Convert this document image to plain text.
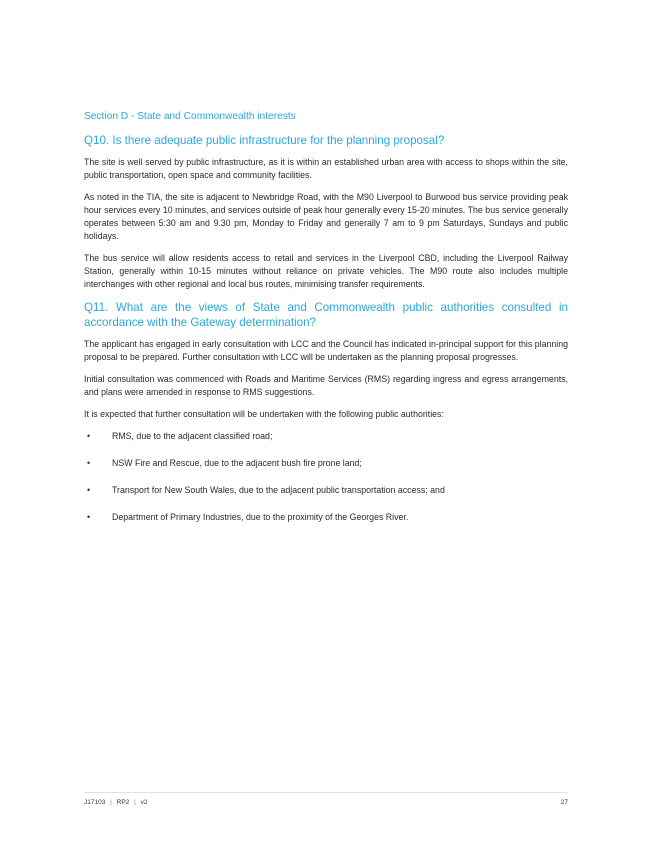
Section D - State and Commonwealth interests
Q10. Is there adequate public infrastructure for the planning proposal?

The site is well served by public infrastructure, as it is within an established urban area with access to shops within the site, public transportation, open space and community facilities.

As noted in the TIA, the site is adjacent to Newbridge Road, with the M90 Liverpool to Burwood bus service providing peak hour services every 10 minutes, and services outside of peak hour generally every 15-20 minutes. The bus service generally operates between 5:30 am and 9.30 pm, Monday to Friday and generally 7 am to 9 pm Saturdays, Sundays and public holidays.

The bus service will allow residents access to retail and services in the Liverpool CBD, including the Liverpool Railway Station, generally within 10-15 minutes without reliance on private vehicles. The M90 route also includes multiple interchanges with other regional and local bus routes, minimising transfer requirements.

Q11. What are the views of State and Commonwealth public authorities consulted in accordance with the Gateway determination?

The applicant has engaged in early consultation with LCC and the Council has indicated in-principal support for this planning proposal to be prepared. Further consultation with LCC will be undertaken as the planning proposal progresses.

Initial consultation was commenced with Roads and Maritime Services (RMS) regarding ingress and egress arrangements, and plans were amended in response to RMS suggestions.

It is expected that further consultation will be undertaken with the following public authorities:

• RMS, due to the adjacent classified road;
• NSW Fire and Rescue, due to the adjacent bush fire prone land;
• Transport for New South Wales, due to the adjacent public transportation access; and
• Department of Primary Industries, due to the proximity of the Georges River.
J17103 | RP2 | v2	27
